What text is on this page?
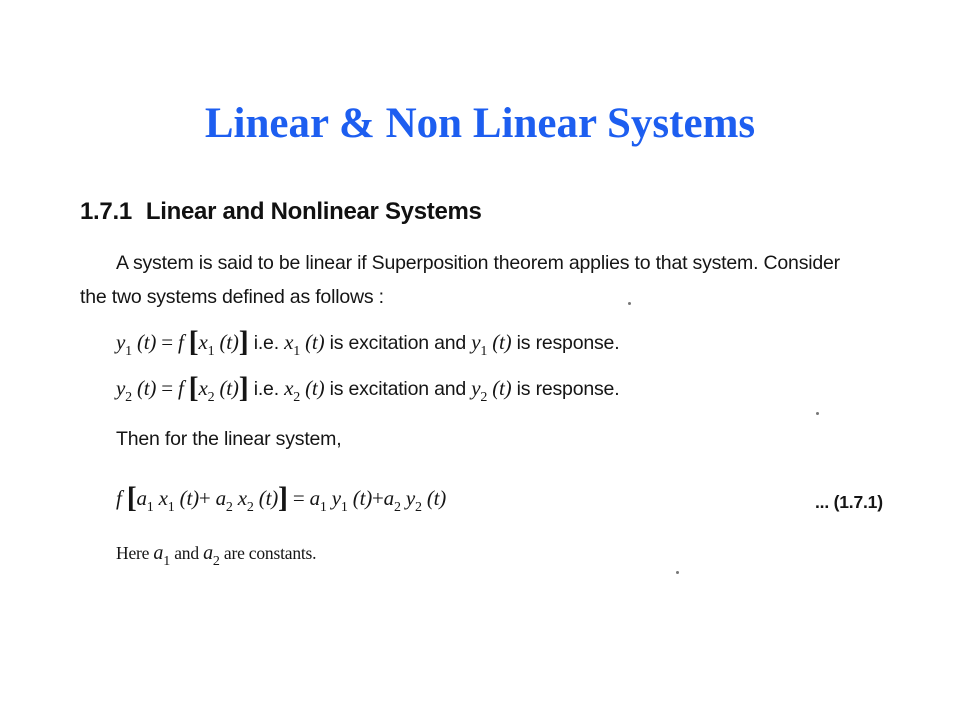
Linear & Non Linear Systems
1.7.1 Linear and Nonlinear Systems
A system is said to be linear if Superposition theorem applies to that system. Consider
the two systems defined as follows :
$y_1$ (t) = f [$x_1$ (t)] i.e. $x_1$ (t) is excitation and $y_1$ (t) is response.
$y_2$ (t) = f [$x_2$ (t)] i.e. $x_2$ (t) is excitation and $y_2$ (t) is response.
Then for the linear system,
f [$a_1$ $x_1$ $(t)+ a_2$ $x_2$ $(t)] = a_1$ $y_1$ $(t)+a_2$ $y_2$ (t)	... (1.7.1)
Here $a_1$ and $a_2$ are constants.
